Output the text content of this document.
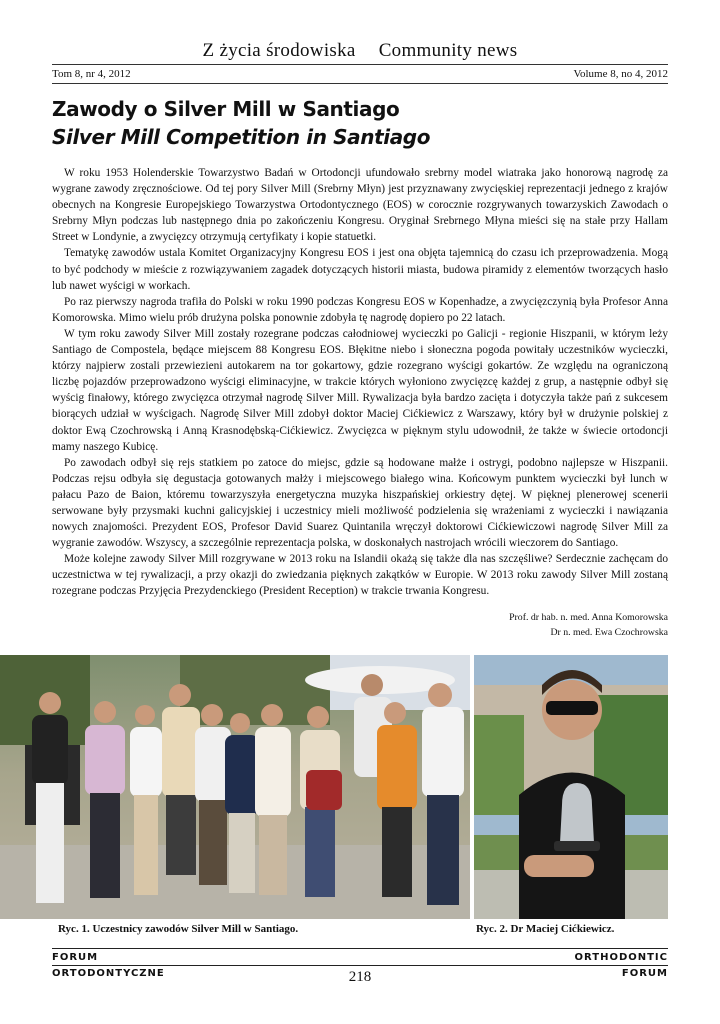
Z życia środowiska Community news
Tom 8, nr 4, 2012	Volume 8, no 4, 2012
Zawody o Silver Mill w Santiago
Silver Mill Competition in Santiago

W roku 1953 Holenderskie Towarzystwo Badań w Ortodoncji ufundowało srebrny model wiatraka jako honorową nagrodę za wygrane zawody zręcznościowe. Od tej pory Silver Mill (Srebrny Młyn) jest przyznawany zwycięskiej reprezentacji jednego z krajów obecnych na Kongresie Europejskiego Towarzystwa Ortodontycznego (EOS) w corocznie rozgrywanych towarzyskich Zawodach o Srebrny Młyn podczas lub następnego dnia po zakończeniu Kongresu. Oryginał Srebrnego Młyna mieści się na stałe przy Hallam Street w Londynie, a zwycięzcy otrzymują certyfikaty i kopie statuetki.

Tematykę zawodów ustala Komitet Organizacyjny Kongresu EOS i jest ona objęta tajemnicą do czasu ich przeprowadzenia. Mogą to być podchody w mieście z rozwiązywaniem zagadek dotyczących historii miasta, budowa piramidy z elementów tworzących hasło lub nawet wyścigi w workach.

Po raz pierwszy nagroda trafiła do Polski w roku 1990 podczas Kongresu EOS w Kopenhadze, a zwycięzczynią była Profesor Anna Komorowska. Mimo wielu prób drużyna polska ponownie zdobyła tę nagrodę dopiero po 22 latach.

W tym roku zawody Silver Mill zostały rozegrane podczas całodniowej wycieczki po Galicji - regionie Hiszpanii, w którym leży Santiago de Compostela, będące miejscem 88 Kongresu EOS. Błękitne niebo i słoneczna pogoda powitały uczestników wycieczki, którzy najpierw zostali przewiezieni autokarem na tor gokartowy, gdzie rozegrano wyścigi gokartów. Ze względu na ograniczoną liczbę pojazdów przeprowadzono wyścigi eliminacyjne, w trakcie których wyłoniono zwycięzcę każdej z grup, a następnie odbył się wyścig finałowy, którego zwycięzca otrzymał nagrodę Silver Mill. Rywalizacja była bardzo zacięta i dotyczyła także pań z sukcesem biorących udział w wyścigach. Nagrodę Silver Mill zdobył doktor Maciej Cićkiewicz z Warszawy, który był w drużynie polskiej z doktor Ewą Czochrowską i Anną Krasnodębską-Cićkiewicz. Zwycięzca w pięknym stylu udowodnił, że także w świecie ortodoncji mamy naszego Kubicę.

Po zawodach odbył się rejs statkiem po zatoce do miejsc, gdzie są hodowane małże i ostrygi, podobno najlepsze w Hiszpanii. Podczas rejsu odbyła się degustacja gotowanych małży i miejscowego białego wina. Końcowym punktem wycieczki był lunch w pałacu Pazo de Baion, któremu towarzyszyła energetyczna muzyka hiszpańskiej orkiestry dętej. W pięknej plenerowej scenerii serwowane były przysmaki kuchni galicyjskiej i uczestnicy mieli możliwość podzielenia się wrażeniami z wycieczki i nawiązania nowych znajomości. Prezydent EOS, Profesor David Suarez Quintanila wręczył doktorowi Cićkiewiczowi nagrodę Silver Mill za wygranie zawodów. Wszyscy, a szczególnie reprezentacja polska, w doskonałych nastrojach wrócili wieczorem do Santiago.

Może kolejne zawody Silver Mill rozgrywane w 2013 roku na Islandii okażą się także dla nas szczęśliwe? Serdecznie zachęcam do uczestnictwa w tej rywalizacji, a przy okazji do zwiedzania pięknych zakątków w Europie. W 2013 roku zawody Silver Mill zostaną rozegrane podczas Przyjęcia Prezydenckiego (President Reception) w trakcie trwania Kongresu.

Prof. dr hab. n. med. Anna Komorowska
Dr n. med. Ewa Czochrowska
Ryc. 1. Uczestnicy zawodów Silver Mill w Santiago.	Ryc. 2. Dr Maciej Cićkiewicz.
FORUM
ORTODONTYCZNE
ORTHODONTIC
FORUM
218
